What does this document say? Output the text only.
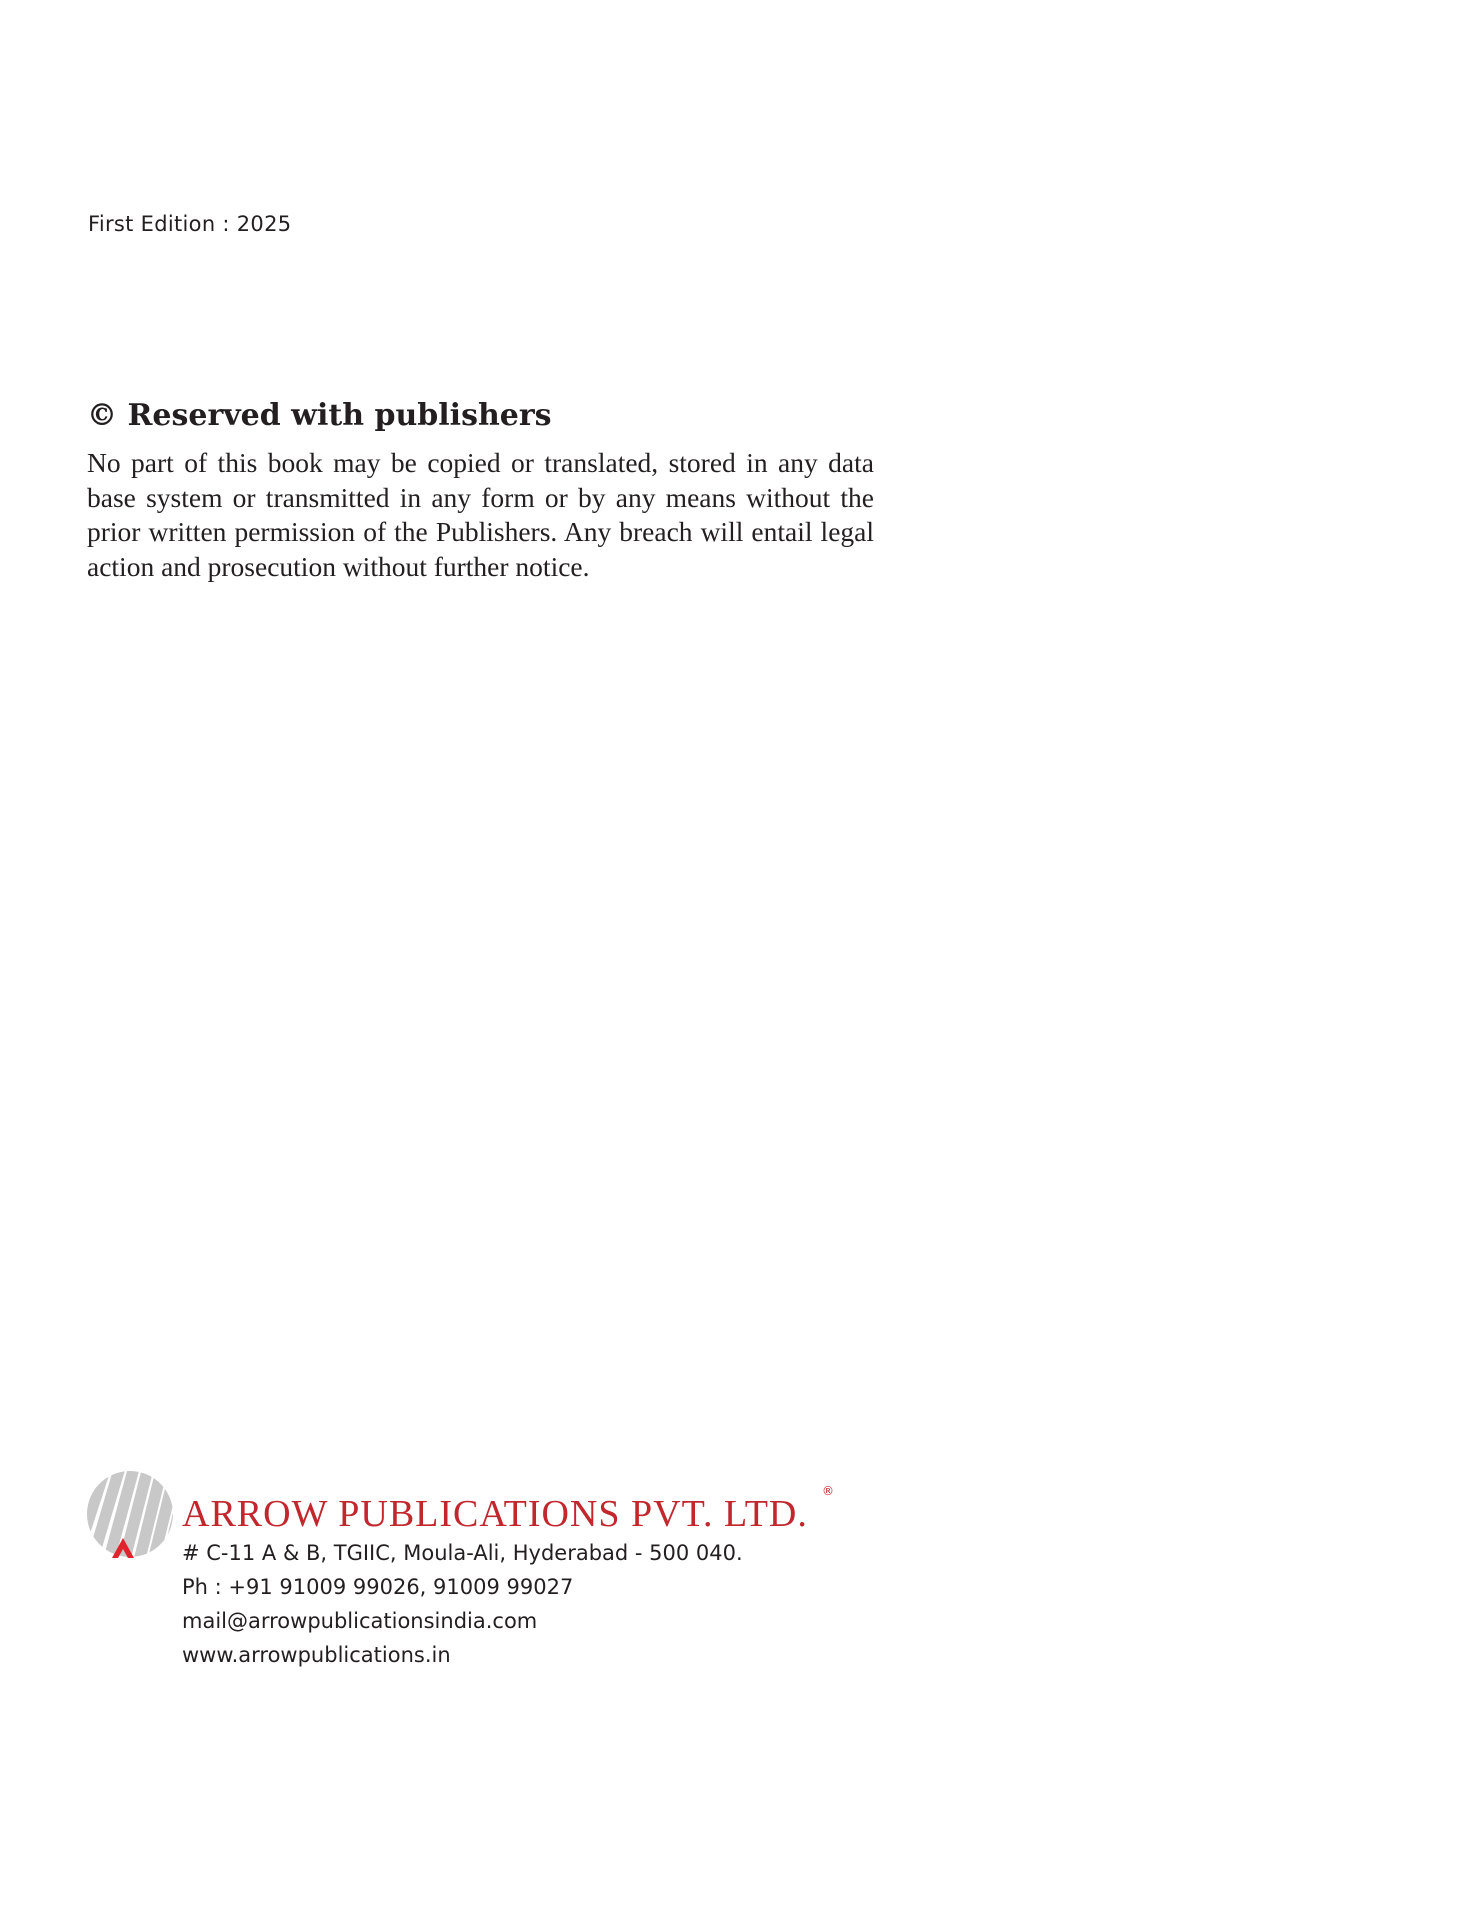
First Edition : 2025
© Reserved with publishers

No part of this book may be copied or translated, stored in any data base system or transmitted in any form or by any means without the prior written permission of the Publishers. Any breach will entail legal action and prosecution without further notice.

ARROW PUBLICATIONS PVT. LTD.
®
# C-11 A & B, TGIIC, Moula-Ali, Hyderabad - 500 040.
Ph : +91 91009 99026, 91009 99027
mail@arrowpublicationsindia.com
www.arrowpublications.in
